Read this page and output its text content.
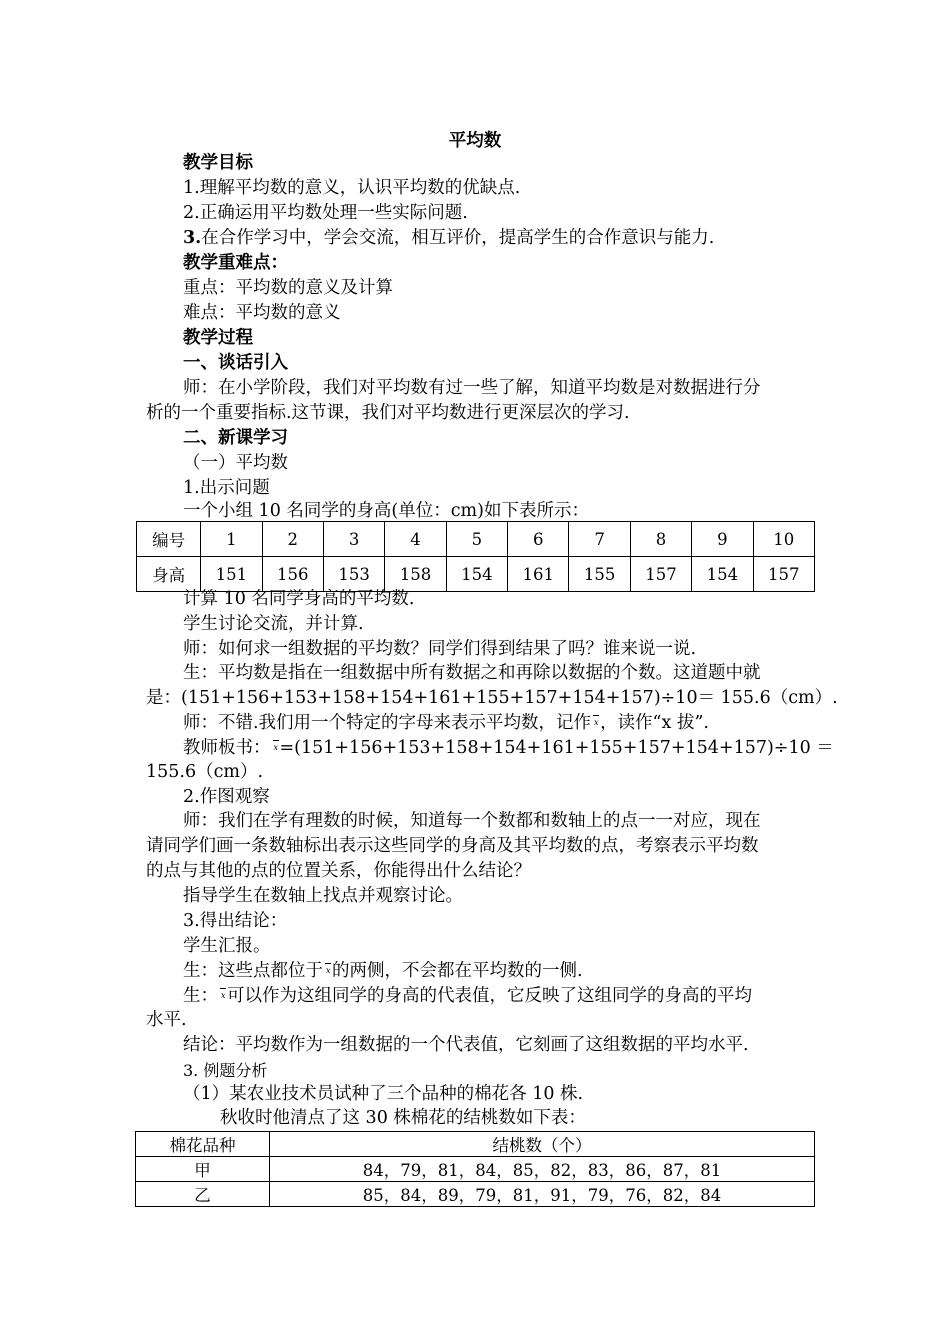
平均数
教学目标
1.理解平均数的意义，认识平均数的优缺点.
2.正确运用平均数处理一些实际问题.
3.在合作学习中，学会交流，相互评价，提高学生的合作意识与能力.
教学重难点：
重点：平均数的意义及计算
难点：平均数的意义
教学过程
一、谈话引入
师：在小学阶段，我们对平均数有过一些了解，知道平均数是对数据进行分
析的一个重要指标.这节课，我们对平均数进行更深层次的学习.
二、新课学习
（一）平均数
1.出示问题
一个小组 10 名同学的身高(单位：cm)如下表所示：
编号	1	2	3	4	5	6	7	8	9	10
身高	151	156	153	158	154	161	155	157	154	157
计算 10 名同学身高的平均数.
学生讨论交流，并计算.
师：如何求一组数据的平均数？同学们得到结果了吗？谁来说一说.
生：平均数是指在一组数据中所有数据之和再除以数据的个数。这道题中就
是：(151+156+153+158+154+161+155+157+154+157)÷10＝ 155.6（cm）.
师：不错.我们用一个特定的字母来表示平均数，记作 x ，读作“x 拔”.
教师板书： x =(151+156+153+158+154+161+155+157+154+157)÷10 ＝
155.6（cm）.
2.作图观察
师：我们在学有理数的时候，知道每一个数都和数轴上的点一一对应，现在
请同学们画一条数轴标出表示这些同学的身高及其平均数的点，考察表示平均数
的点与其他的点的位置关系，你能得出什么结论？
指导学生在数轴上找点并观察讨论。
3.得出结论：
学生汇报。
生：这些点都位于 x 的两侧，不会都在平均数的一侧.
生： x 可以作为这组同学的身高的代表值，它反映了这组同学的身高的平均
水平.
结论：平均数作为一组数据的一个代表值，它刻画了这组数据的平均水平.
3. 例题分析
（1）某农业技术员试种了三个品种的棉花各 10 株.
秋收时他清点了这 30 株棉花的结桃数如下表：
棉花品种	结桃数（个）
甲	84，79，81，84，85，82，83，86，87，81
乙	85，84，89，79，81，91，79，76，82，84
